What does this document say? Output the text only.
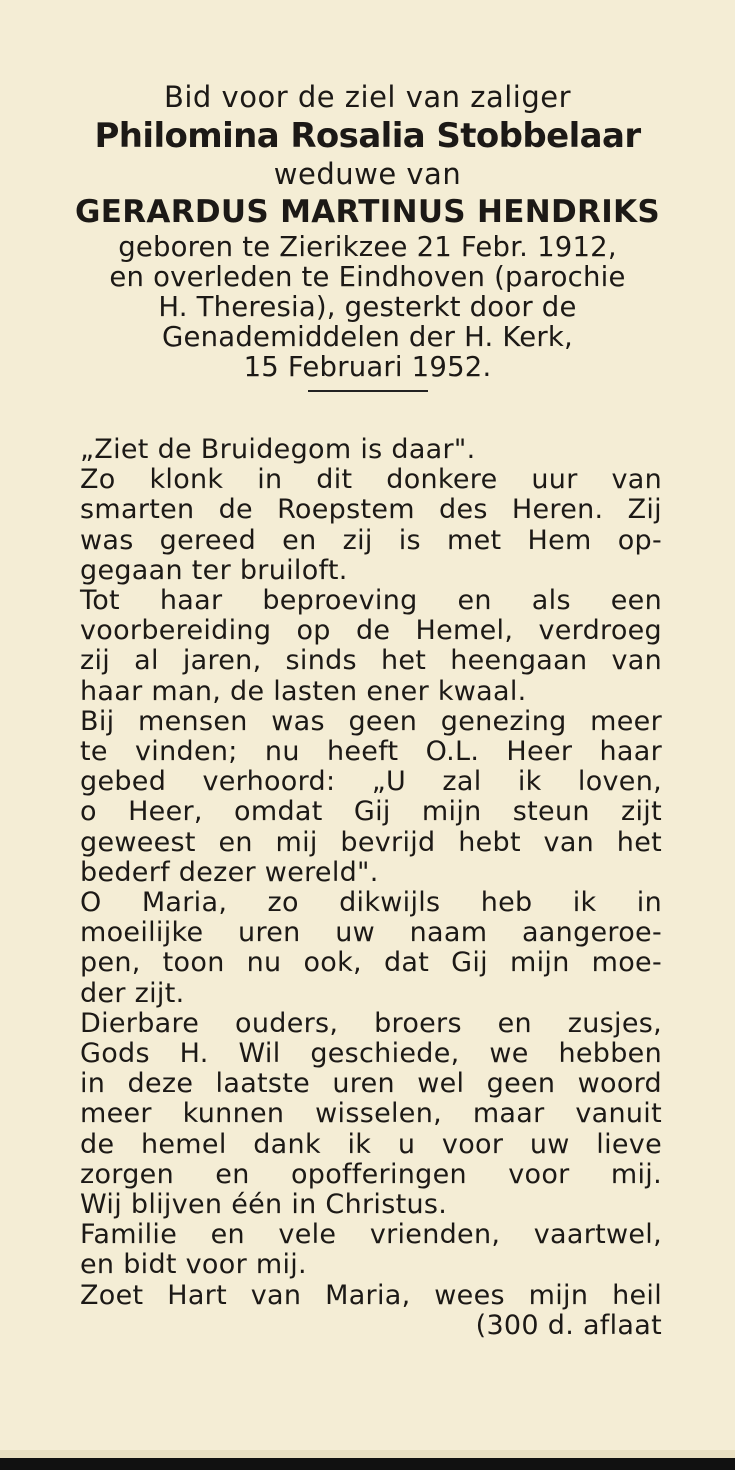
Bid voor de ziel van zaliger
Philomina Rosalia Stobbelaar
weduwe van
GERARDUS MARTINUS HENDRIKS
geboren te Zierikzee 21 Febr. 1912,
en overleden te Eindhoven (parochie
H. Theresia), gesterkt door de
Genademiddelen der H. Kerk,
15 Februari 1952.
„Ziet de Bruidegom is daar".
Zo klonk in dit donkere uur van
smarten de Roepstem des Heren. Zij
was gereed en zij is met Hem op-
gegaan ter bruiloft.
Tot haar beproeving en als een
voorbereiding op de Hemel, verdroeg
zij al jaren, sinds het heengaan van
haar man, de lasten ener kwaal.
Bij mensen was geen genezing meer
te vinden; nu heeft O.L. Heer haar
gebed verhoord: „U zal ik loven,
o Heer, omdat Gij mijn steun zijt
geweest en mij bevrijd hebt van het
bederf dezer wereld".
O Maria, zo dikwijls heb ik in
moeilijke uren uw naam aangeroe-
pen, toon nu ook, dat Gij mijn moe-
der zijt.
Dierbare ouders, broers en zusjes,
Gods H. Wil geschiede, we hebben
in deze laatste uren wel geen woord
meer kunnen wisselen, maar vanuit
de hemel dank ik u voor uw lieve
zorgen en opofferingen voor mij.
Wij blijven één in Christus.
Familie en vele vrienden, vaartwel,
en bidt voor mij.
Zoet Hart van Maria, wees mijn heil
(300 d. aflaat
